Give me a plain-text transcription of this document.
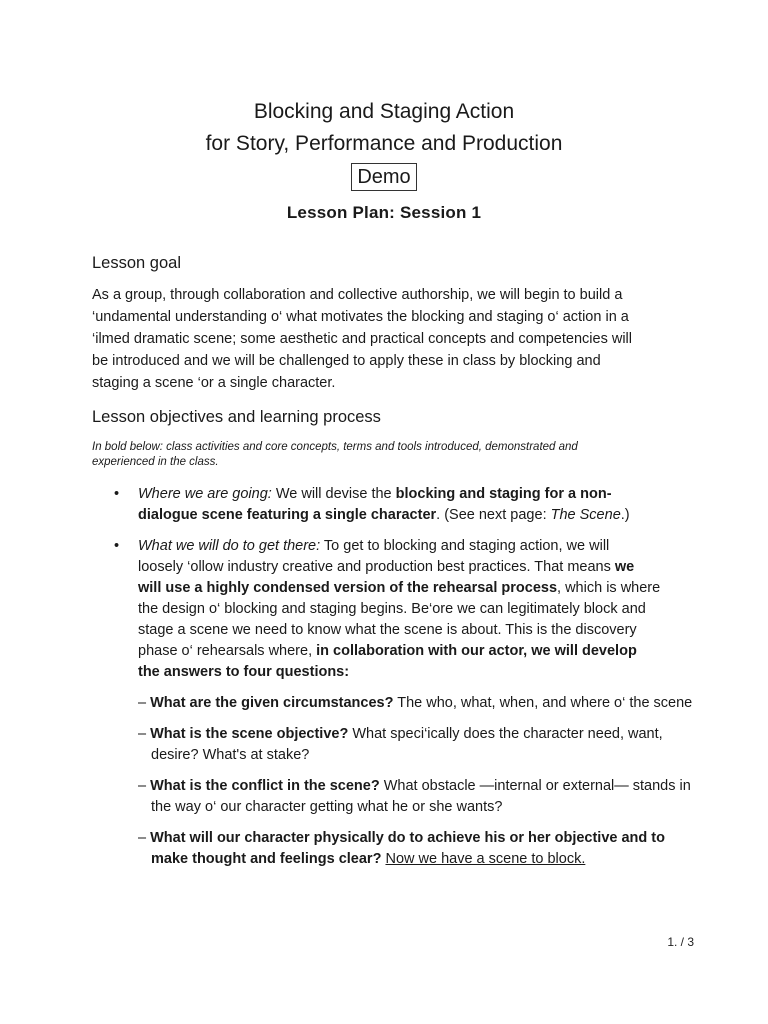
Blocking and Staging Action
for Story, Performance and Production
Demo
Lesson Plan: Session 1
Lesson goal
As a group, through collaboration and collective authorship, we will begin to build a
‘undamental understanding o‘ what motivates the blocking and staging o‘ action in a
‘ilmed dramatic scene; some aesthetic and practical concepts and competencies will
be introduced and we will be challenged to apply these in class by blocking and
staging a scene ‘or a single character.
Lesson objectives and learning process
In bold below: class activities and core concepts, terms and tools introduced, demonstrated and
experienced in the class.
• Where we are going: We will devise the blocking and staging for a non-
dialogue scene featuring a single character. (See next page: The Scene.)
• What we will do to get there: To get to blocking and staging action, we will
loosely ‘ollow industry creative and production best practices. That means we
will use a highly condensed version of the rehearsal process, which is where
the design o‘ blocking and staging begins. Be‘ore we can legitimately block and
stage a scene we need to know what the scene is about. This is the discovery
phase o‘ rehearsals where, in collaboration with our actor, we will develop
the answers to four questions:
– What are the given circumstances? The who, what, when, and where o‘ the scene
– What is the scene objective? What speci‘ically does the character need, want, desire? What's at stake?
– What is the conflict in the scene? What obstacle —internal or external— stands in the way o‘ our character getting what he or she wants?
– What will our character physically do to achieve his or her objective and to make thought and feelings clear? Now we have a scene to block.
1. / 3
